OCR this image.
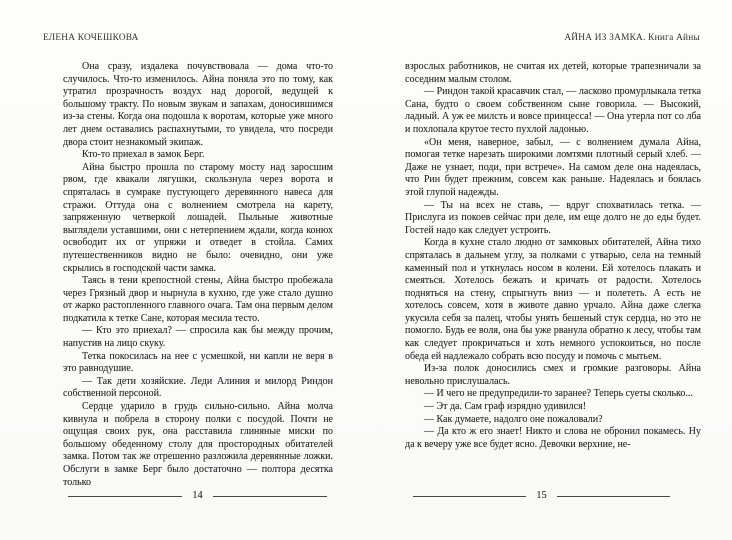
ЕЛЕНА КОЧЕШКОВА

Она сразу, издалека почувствовала — дома что-то случилось. Что-то изменилось. Айна поняла это по тому, как утратил прозрачность воздух над дорогой, ведущей к большому тракту. По новым звукам и запахам, доносившимся из-за стены. Когда она подошла к воротам, которые уже много лет днем оставались распахнутыми, то увидела, что посреди двора стоит незнакомый экипаж.

Кто-то приехал в замок Берг.

Айна быстро прошла по старому мосту над заросшим рвом, где квакали лягушки, скользнула через ворота и спряталась в сумраке пустующего деревянного навеса для стражи. Оттуда она с волнением смотрела на карету, запряженную четверкой лошадей. Пыльные животные выглядели уставшими, они с нетерпением ждали, когда конюх освободит их от упряжи и отведет в стойла. Самих путешественников видно не было: очевидно, они уже скрылись в господской части замка.

Таясь в тени крепостной стены, Айна быстро пробежала через Грязный двор и нырнула в кухню, где уже стало душно от жарко растопленного главного очага. Там она первым делом подкатила к тетке Сане, которая месила тесто.

— Кто это приехал? — спросила как бы между прочим, напустив на лицо скуку.

Тетка покосилась на нее с усмешкой, ни капли не веря в это равнодушие.

— Так дети хозяйские. Леди Алиния и милорд Риндон собственной персоной.

Сердце ударило в грудь сильно-сильно. Айна молча кивнула и побрела в сторону полки с посудой. Почти не ощущая своих рук, она расставила глиняные миски по большому обеденному столу для простородных обитателей замка. Потом так же отрешенно разложила деревянные ложки. Обслуги в замке Берг было достаточно — полтора десятка только

14
АЙНА ИЗ ЗАМКА. Книга Айны

взрослых работников, не считая их детей, которые трапезничали за соседним малым столом.

— Риндон такой красавчик стал, — ласково промурлыкала тетка Сана, будто о своем собственном сыне говорила. — Высокий, ладный. А уж ее милсть и вовсе принцесса! — Она утерла пот со лба и похлопала крутое тесто пухлой ладонью.

«Он меня, наверное, забыл, — с волнением думала Айна, помогая тетке нарезать широкими ломтями плотный серый хлеб. — Даже не узнает, поди, при встрече». На самом деле она надеялась, что Рин будет прежним, совсем как раньше. Надеялась и боялась этой глупой надежды.

— Ты на всех не ставь, — вдруг спохватилась тетка. — Прислуга из покоев сейчас при деле, им еще долго не до еды будет. Гостей надо как следует устроить.

Когда в кухне стало людно от замковых обитателей, Айна тихо спряталась в дальнем углу, за полками с утварью, села на темный каменный пол и уткнулась носом в колени. Ей хотелось плакать и смеяться. Хотелось бежать и кричать от радости. Хотелось подняться на стену, спрыгнуть вниз — и полететь. А есть не хотелось совсем, хотя в животе давно урчало. Айна даже слегка укусила себя за палец, чтобы унять бешеный стук сердца, но это не помогло. Будь ее воля, она бы уже рванула обратно к лесу, чтобы там как следует прокричаться и хоть немного успокоиться, но после обеда ей надлежало собрать всю посуду и помочь с мытьем.

Из-за полок доносились смех и громкие разговоры. Айна невольно прислушалась.

— И чего не предупредили-то заранее? Теперь суеты сколько...

— Эт да. Сам граф изрядно удивился!

— Как думаете, надолго оне пожаловали?

— Да кто ж его знает! Никто и слова не обронил покамесь. Ну да к вечеру уже все будет ясно. Девочки верхние, не-

15
